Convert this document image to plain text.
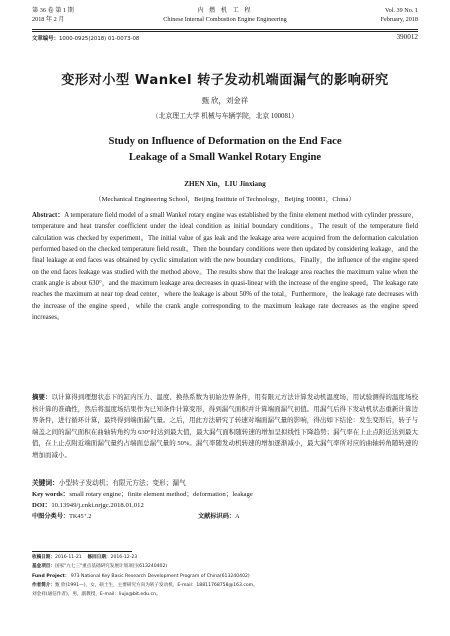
第 36 卷 第 1 期
2018 年 2 月
内 燃 机 工 程
Chinese Internal Combustion Engine Engineering
Vol. 39 No. 1
February, 2018
文章编号：1000-0925(2018) 01-0073-08	390012
变形对小型 Wankel 转子发动机端面漏气的影响研究
甄 欣，刘金祥
（北京理工大学 机械与车辆学院，北京 100081）
Study on Influence of Deformation on the End Face
Leakage of a Small Wankel Rotary Engine
ZHEN Xin，LIU Jinxiang
（Mechanical Engineering School，Beijing Institute of Technology，Beijing 100081，China）
Abstract：A temperature field model of a small Wankel rotary engine was established by the finite element method with cylinder pressure，temperature and heat transfer coefficient under the ideal condition as initial boundary conditions。The result of the temperature field calculation was checked by experiment。The initial value of gas leak and the leakage area were acquired from the deformation calculation performed based on the checked temperature field result。Then the boundary conditions were then updated by considering leakage，and the final leakage at end faces was obtained by cyclic simulation with the new boundary conditions。Finally，the influence of the engine speed on the end faces leakage was studied with the method above。The results show that the leakage area reaches the maximum value when the crank angle is about 630°，and the maximum leakage area decreases in quasi-linear with the increase of the engine speed。The leakage rate reaches the maximum at near top dead center，where the leakage is about 50% of the total。Furthermore，the leakage rate decreases with the increase of the engine speed，while the crank angle corresponding to the maximum leakage rate decreases as the engine speed increases。
摘要：以计算得到理想状态下的缸内压力、温度、换热系数为初始边界条件，用有限元方法计算发动机温度场，用试验测得的温度场校核计算的准确性，然后将温度场结果作为已知条件计算变形，得到漏气面积并计算端面漏气初值。用漏气后得下发动机状态重新计算边界条件，进行循环计算，最终得到端面漏气量。之后，用此方法研究了转速对端面漏气量的影响，得出如下结论：发生变形后，转子与端盖之间的漏气面积在曲轴转角约为 630°时达到最大值，最大漏气面积随转速的增加呈拟线性下降趋势；漏气率在上止点附近达到最大值，在上止点附近端面漏气量约占端面总漏气量的 50%。漏气率随发动机转速的增加逐渐减小，最大漏气率所对应的曲轴转角随转速的增加而减小。
关键词：小型转子发动机；有限元方法；变形；漏气
Key words：small rotary engine；finite element method；deformation；leakage
DOI：10.13949/j.cnki.nrjgc.2018.01.012
中图分类号：TK45⁺.2	文献标识码：A
收稿日期：2016-11-21 修回日期：2016-12-23
基金项目：国家"九七三"重点基础研究发展计划项目(613240402)
Fund Project： 973 National Key Basic Research Development Program of China(613240402)
作者简介：甄 欣(1991—)，女，硕士生，主要研究方向为转子发动机，E-mail：18811768758@163.com。
刘金祥(通信作者)，男，副教授，E-mail：liujx@bit.edu.cn。
